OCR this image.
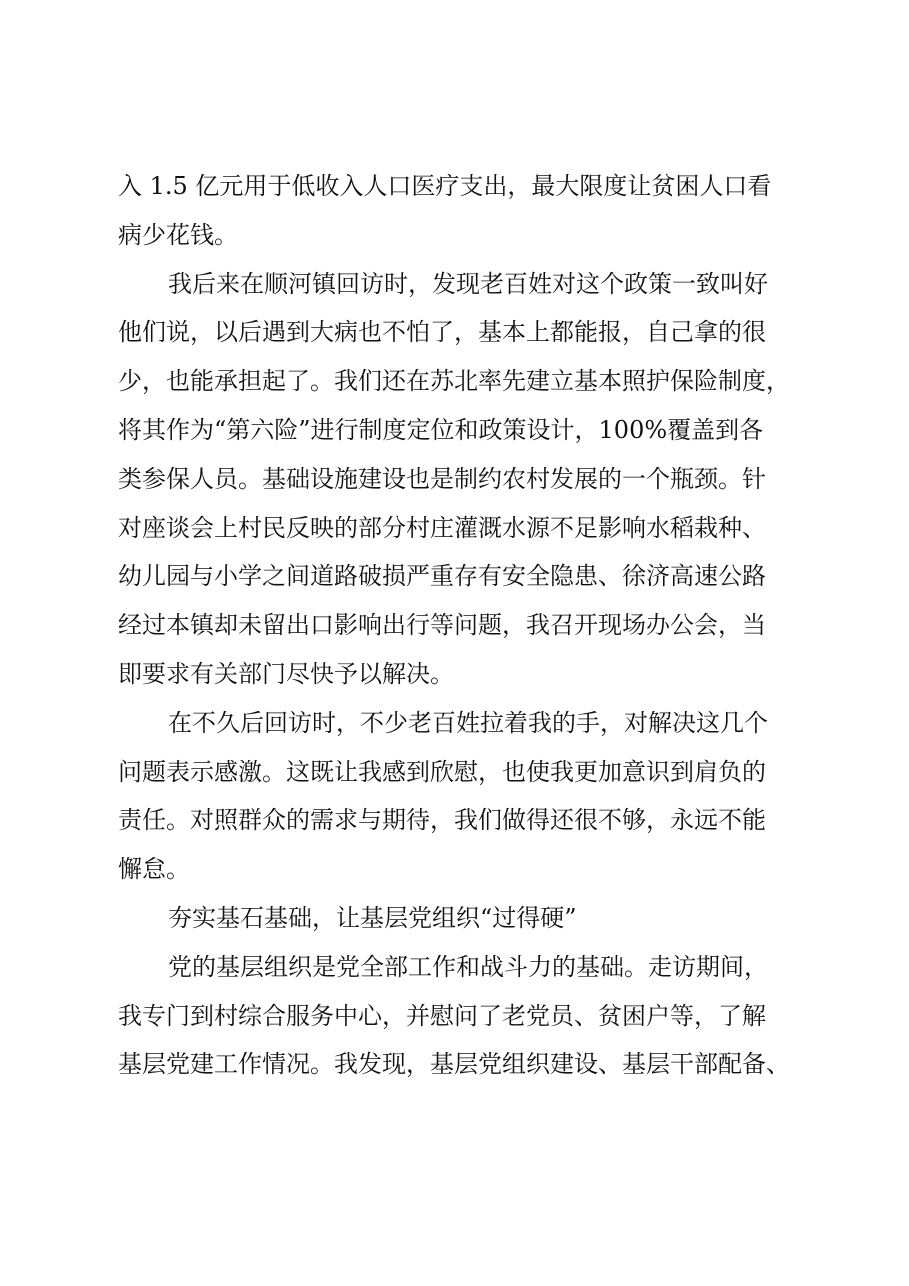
入 1.5 亿元用于低收入人口医疗支出，最大限度让贫困人口看
病少花钱。
我后来在顺河镇回访时，发现老百姓对这个政策一致叫好
他们说，以后遇到大病也不怕了，基本上都能报，自己拿的很
少，也能承担起了。我们还在苏北率先建立基本照护保险制度，
将其作为“第六险”进行制度定位和政策设计，100%覆盖到各
类参保人员。基础设施建设也是制约农村发展的一个瓶颈。针
对座谈会上村民反映的部分村庄灌溉水源不足影响水稻栽种、
幼儿园与小学之间道路破损严重存有安全隐患、徐济高速公路
经过本镇却未留出口影响出行等问题，我召开现场办公会，当
即要求有关部门尽快予以解决。
在不久后回访时，不少老百姓拉着我的手，对解决这几个
问题表示感激。这既让我感到欣慰，也使我更加意识到肩负的
责任。对照群众的需求与期待，我们做得还很不够，永远不能
懈怠。
夯实基石基础，让基层党组织“过得硬”
党的基层组织是党全部工作和战斗力的基础。走访期间，
我专门到村综合服务中心，并慰问了老党员、贫困户等，了解
基层党建工作情况。我发现，基层党组织建设、基层干部配备、
